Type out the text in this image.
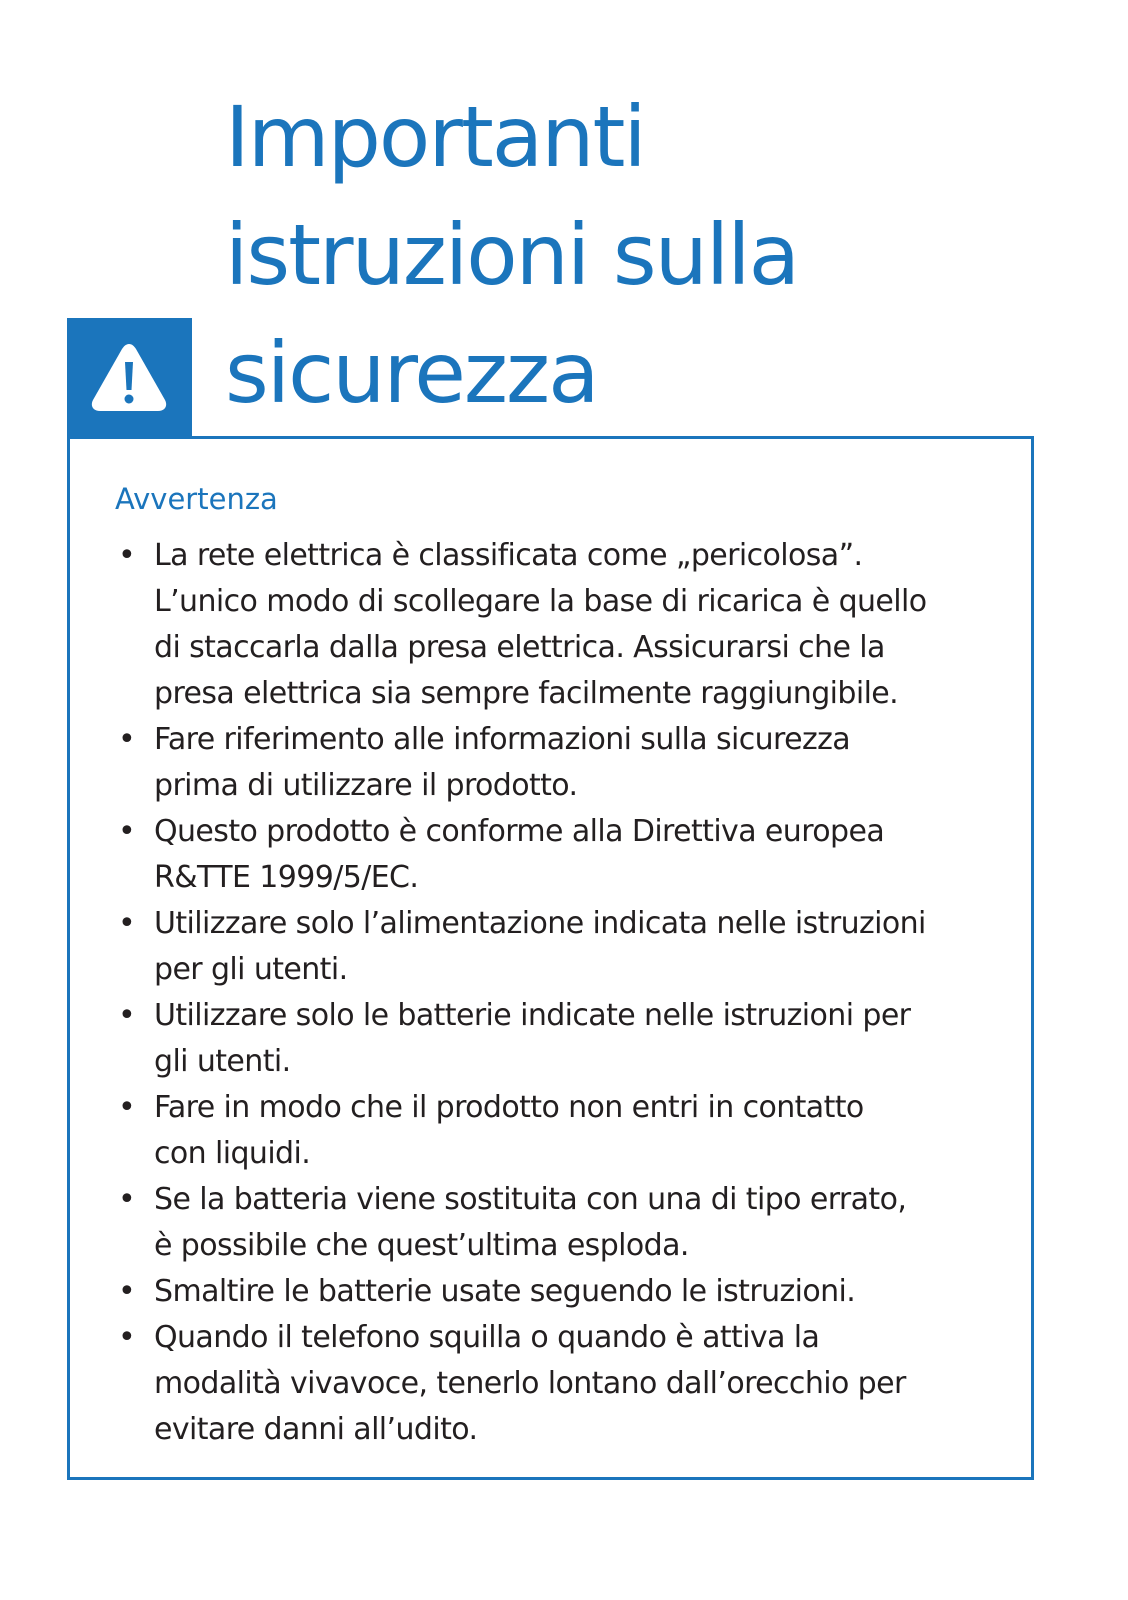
Importanti
istruzioni sulla
sicurezza
Avvertenza
• La rete elettrica è classificata come „pericolosa”.
L’unico modo di scollegare la base di ricarica è quello
di staccarla dalla presa elettrica. Assicurarsi che la
presa elettrica sia sempre facilmente raggiungibile.
• Fare riferimento alle informazioni sulla sicurezza
prima di utilizzare il prodotto.
• Questo prodotto è conforme alla Direttiva europea
R&TTE 1999/5/EC.
• Utilizzare solo l’alimentazione indicata nelle istruzioni
per gli utenti.
• Utilizzare solo le batterie indicate nelle istruzioni per
gli utenti.
• Fare in modo che il prodotto non entri in contatto
con liquidi.
• Se la batteria viene sostituita con una di tipo errato,
è possibile che quest’ultima esploda.
• Smaltire le batterie usate seguendo le istruzioni.
• Quando il telefono squilla o quando è attiva la
modalità vivavoce, tenerlo lontano dall’orecchio per
evitare danni all’udito.
